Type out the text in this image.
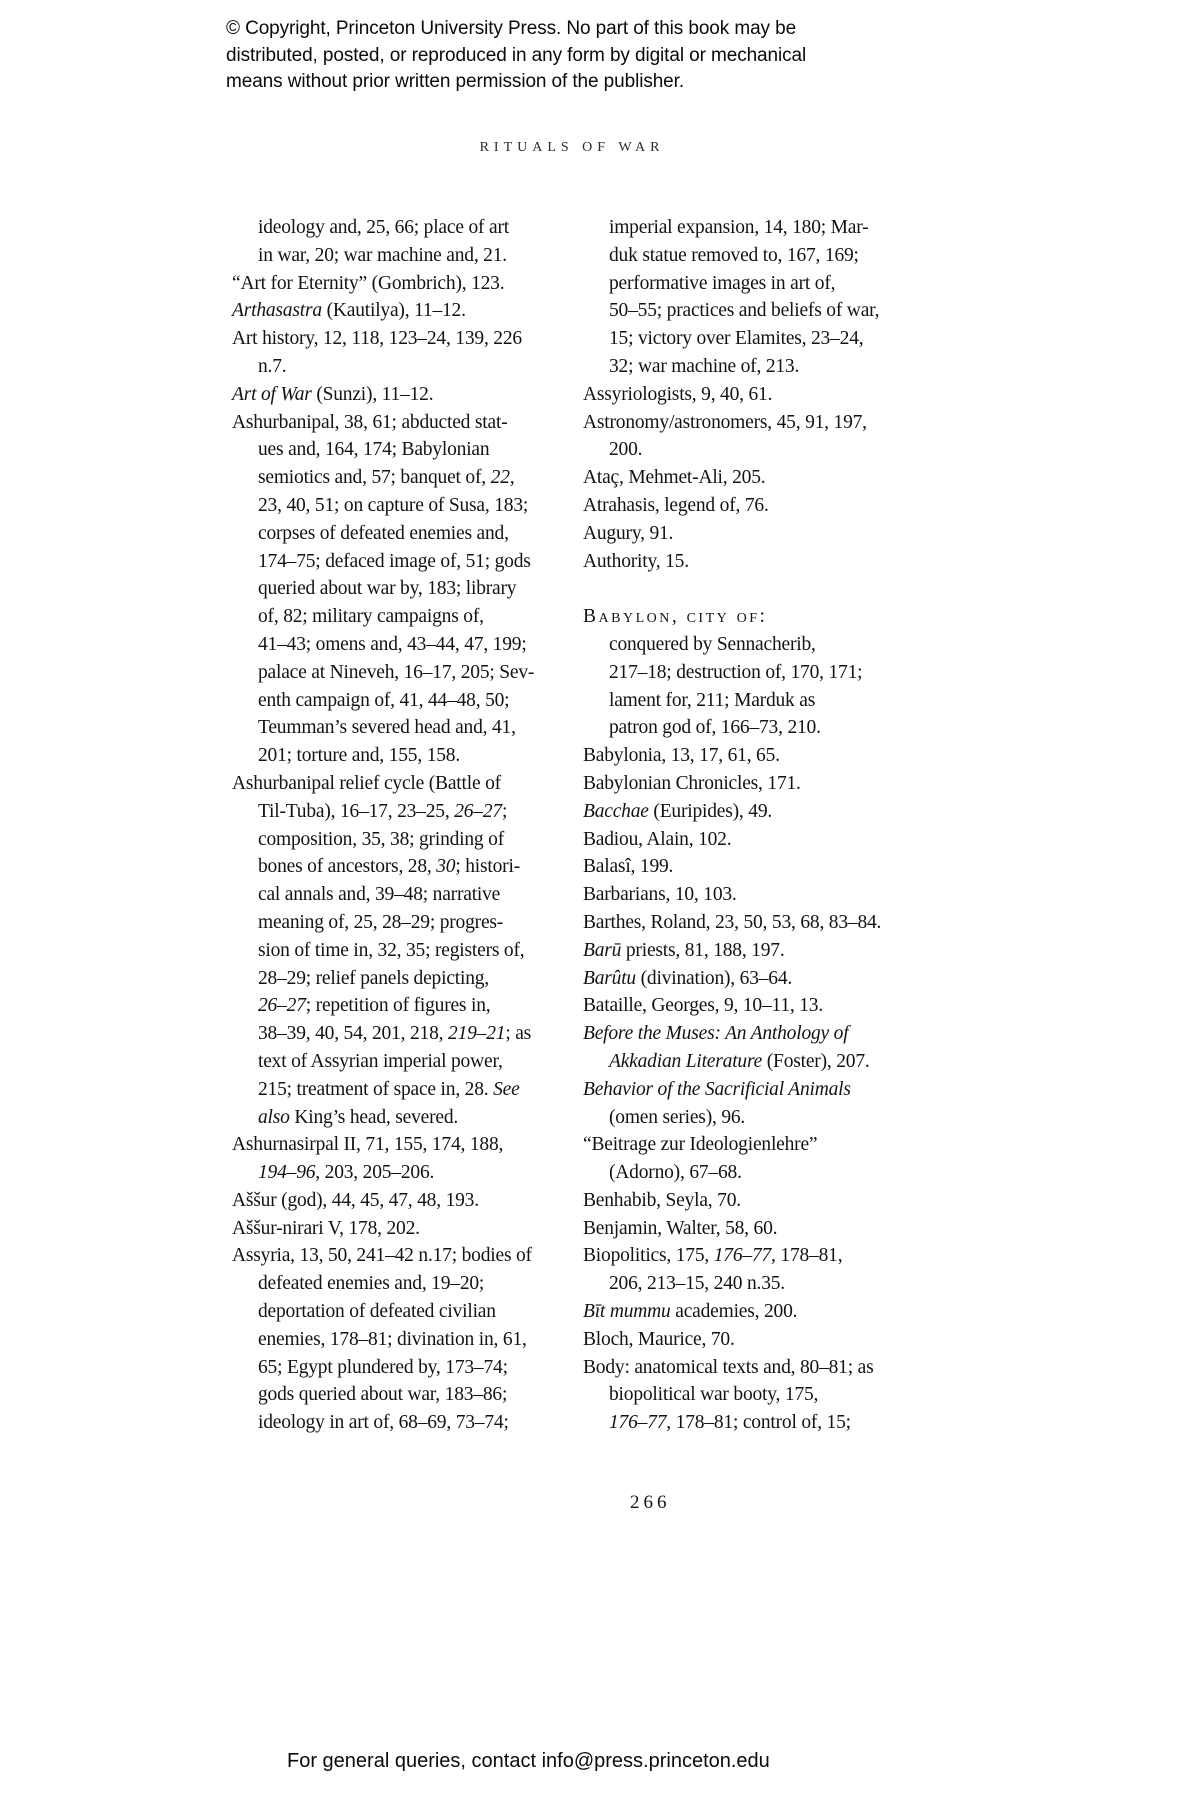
© Copyright, Princeton University Press. No part of this book may be
distributed, posted, or reproduced in any form by digital or mechanical
means without prior written permission of the publisher.
RITUALS OF WAR
ideology and, 25, 66; place of art
in war, 20; war machine and, 21.
“Art for Eternity” (Gombrich), 123.
Arthasastra (Kautilya), 11–12.
Art history, 12, 118, 123–24, 139, 226
n.7.
Art of War (Sunzi), 11–12.
Ashurbanipal, 38, 61; abducted stat-
ues and, 164, 174; Babylonian
semiotics and, 57; banquet of, 22,
23, 40, 51; on capture of Susa, 183;
corpses of defeated enemies and,
174–75; defaced image of, 51; gods
queried about war by, 183; library
of, 82; military campaigns of,
41–43; omens and, 43–44, 47, 199;
palace at Nineveh, 16–17, 205; Sev-
enth campaign of, 41, 44–48, 50;
Teumman’s severed head and, 41,
201; torture and, 155, 158.
Ashurbanipal relief cycle (Battle of
Til-Tuba), 16–17, 23–25, 26–27;
composition, 35, 38; grinding of
bones of ancestors, 28, 30; histori-
cal annals and, 39–48; narrative
meaning of, 25, 28–29; progres-
sion of time in, 32, 35; registers of,
28–29; relief panels depicting,
26–27; repetition of figures in,
38–39, 40, 54, 201, 218, 219–21; as
text of Assyrian imperial power,
215; treatment of space in, 28. See
also King’s head, severed.
Ashurnasirpal II, 71, 155, 174, 188,
194–96, 203, 205–206.
Aššur (god), 44, 45, 47, 48, 193.
Aššur-nirari V, 178, 202.
Assyria, 13, 50, 241–42 n.17; bodies of
defeated enemies and, 19–20;
deportation of defeated civilian
enemies, 178–81; divination in, 61,
65; Egypt plundered by, 173–74;
gods queried about war, 183–86;
ideology in art of, 68–69, 73–74;
imperial expansion, 14, 180; Mar-
duk statue removed to, 167, 169;
performative images in art of,
50–55; practices and beliefs of war,
15; victory over Elamites, 23–24,
32; war machine of, 213.
Assyriologists, 9, 40, 61.
Astronomy/astronomers, 45, 91, 197,
200.
Ataç, Mehmet-Ali, 205.
Atrahasis, legend of, 76.
Augury, 91.
Authority, 15.
Babylon, city of:
conquered by Sennacherib,
217–18; destruction of, 170, 171;
lament for, 211; Marduk as
patron god of, 166–73, 210.
Babylonia, 13, 17, 61, 65.
Babylonian Chronicles, 171.
Bacchae (Euripides), 49.
Badiou, Alain, 102.
Balasî, 199.
Barbarians, 10, 103.
Barthes, Roland, 23, 50, 53, 68, 83–84.
Barū priests, 81, 188, 197.
Barûtu (divination), 63–64.
Bataille, Georges, 9, 10–11, 13.
Before the Muses: An Anthology of
Akkadian Literature (Foster), 207.
Behavior of the Sacrificial Animals
(omen series), 96.
“Beitrage zur Ideologienlehre”
(Adorno), 67–68.
Benhabib, Seyla, 70.
Benjamin, Walter, 58, 60.
Biopolitics, 175, 176–77, 178–81,
206, 213–15, 240 n.35.
Bīt mummu academies, 200.
Bloch, Maurice, 70.
Body: anatomical texts and, 80–81; as
biopolitical war booty, 175,
176–77, 178–81; control of, 15;
266
For general queries, contact info@press.princeton.edu
